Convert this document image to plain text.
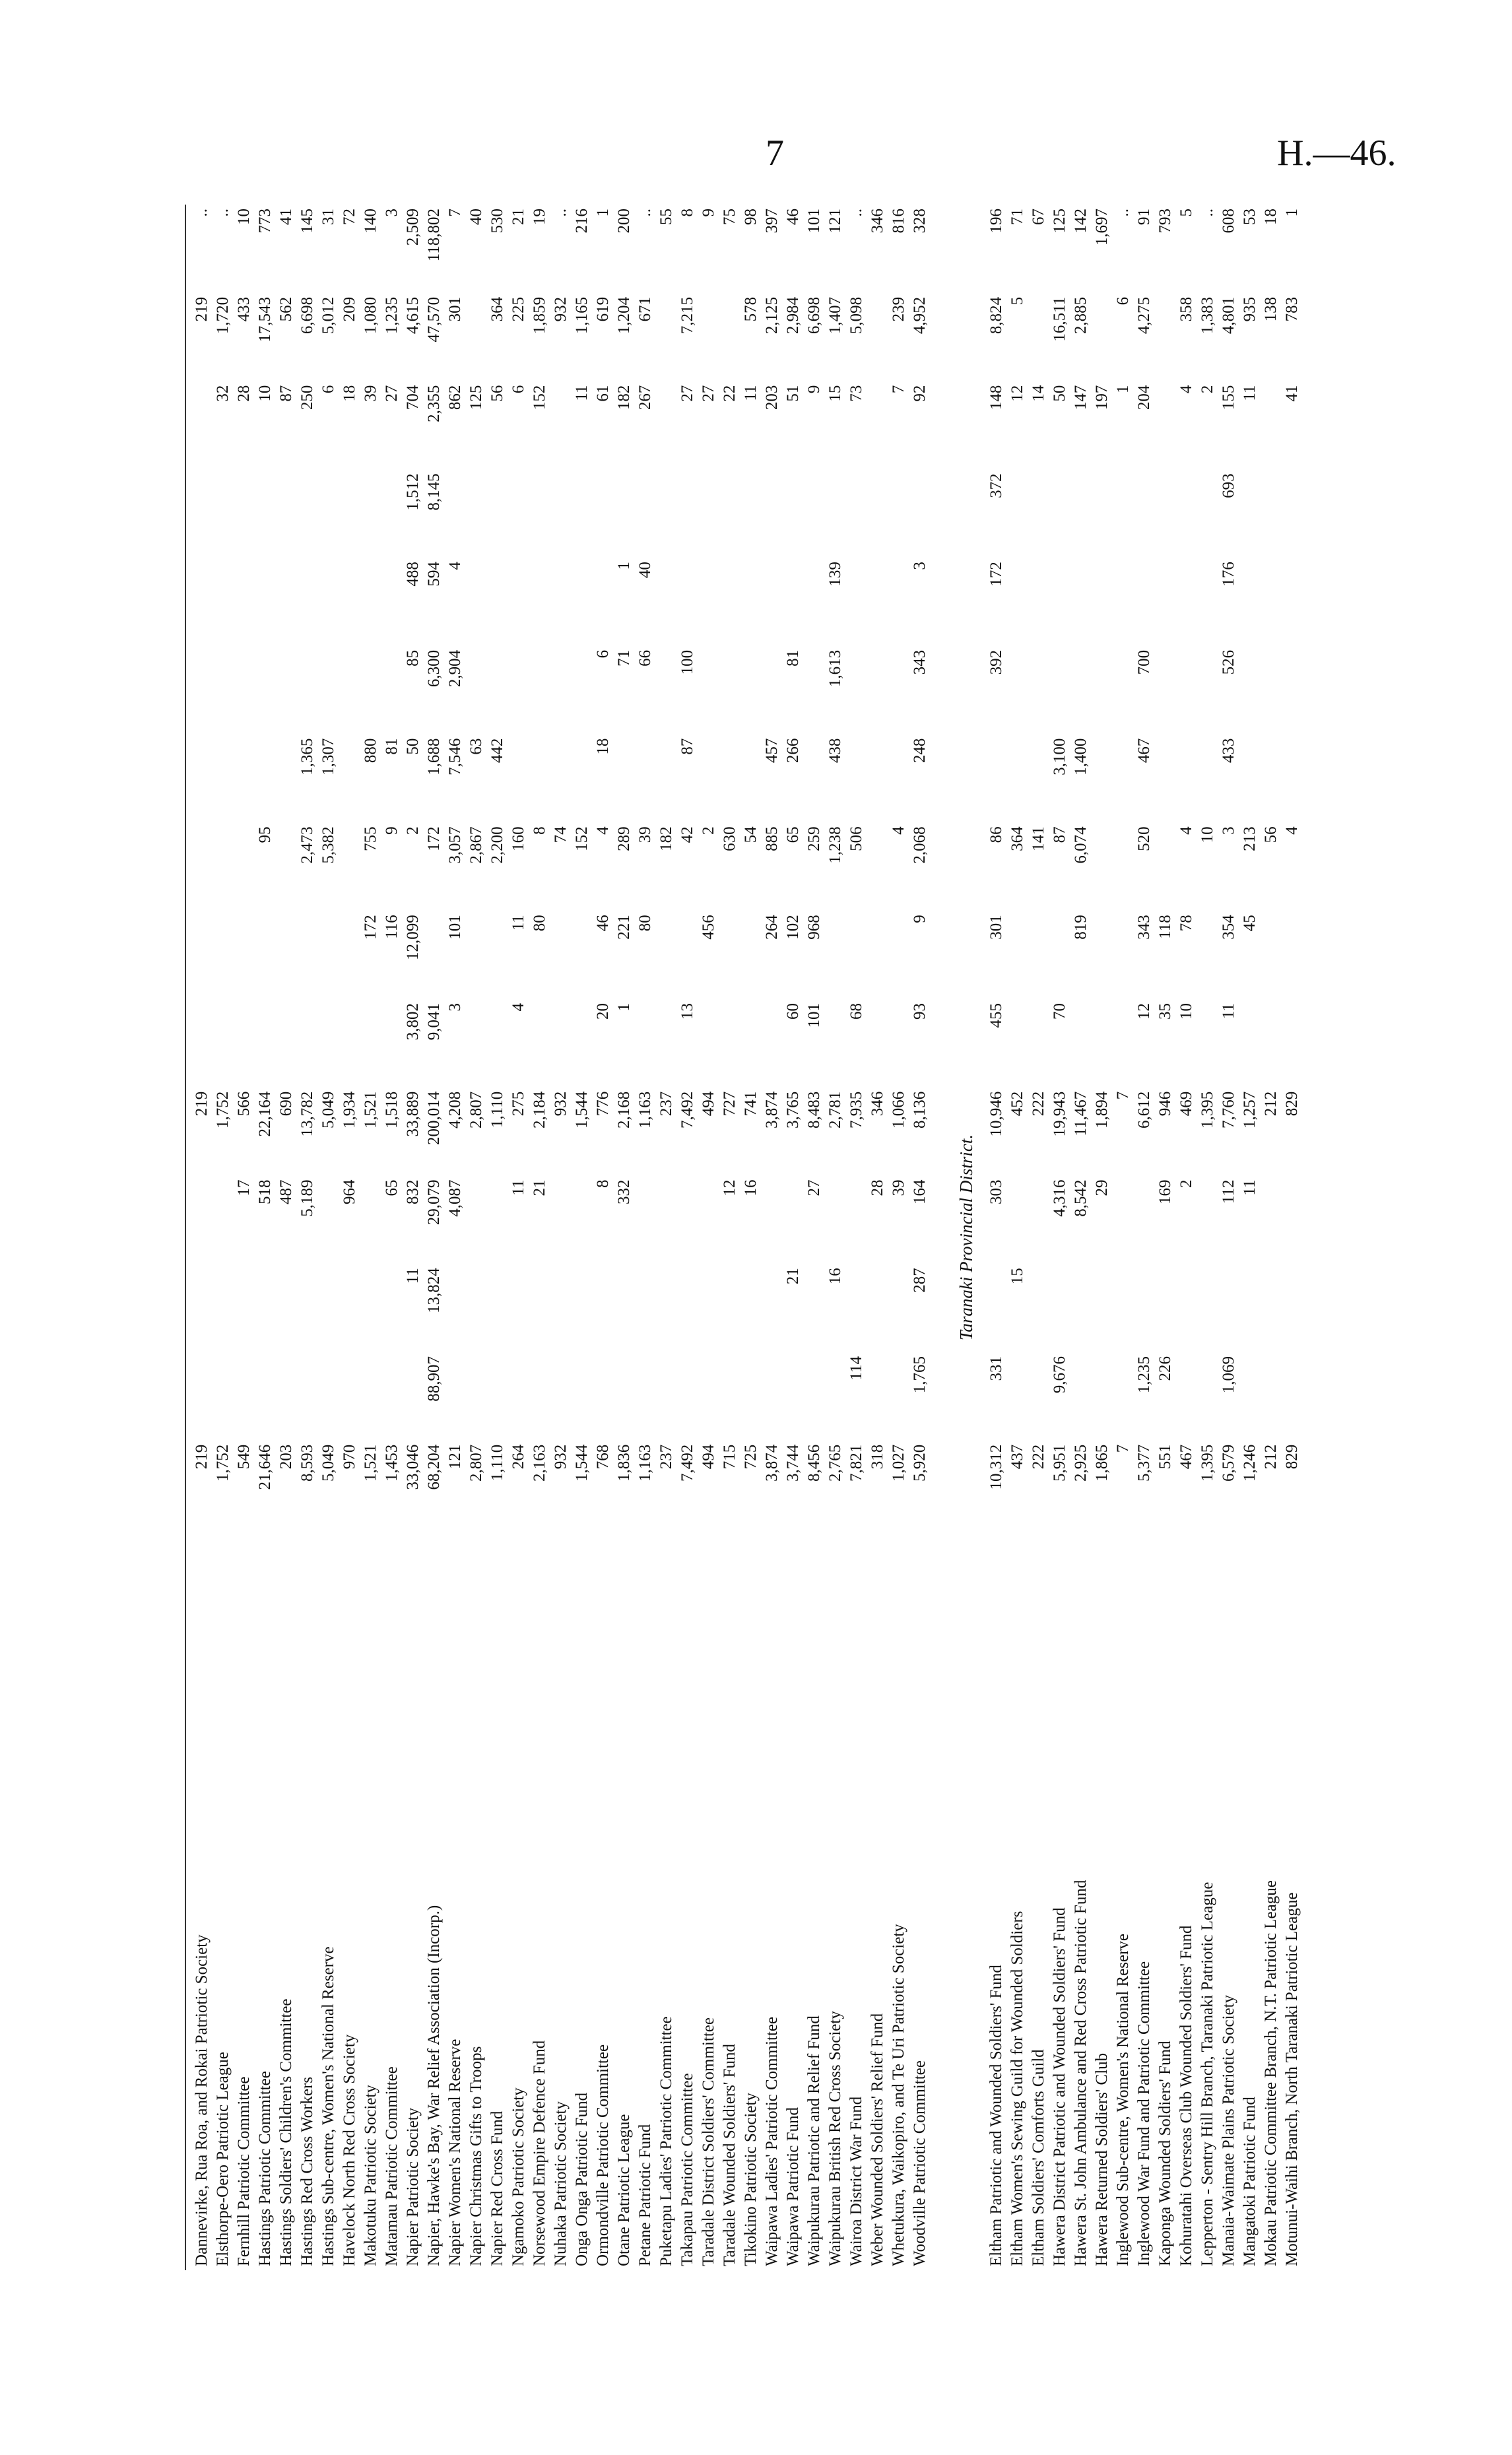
7	H.—46.

Dannevirke, Rua Roa, and Rokai Patriotic Society	219				219									219	..
Elsthorpe-Oero Patriotic League	1,752				1,752								32	1,720	..
Fernhill Patriotic Committee	549			17	566								28	433	10
Hastings Patriotic Committee	21,646			518	22,164			95					10	17,543	773
Hastings Soldiers' Children's Committee	203			487	690								87	562	41
Hastings Red Cross Workers	8,593			5,189	13,782			2,473	1,365				250	6,698	145
Hastings Sub-centre, Women's National Reserve	5,049				5,049			5,382	1,307				6	5,012	31
Havelock North Red Cross Society	970			964	1,934								18	209	72
Makotuku Patriotic Society	1,521				1,521		172	755	880				39	1,080	140
Matamau Patriotic Committee	1,453			65	1,518		116	9	81				27	1,235	3
Napier Patriotic Society	33,046		11	832	33,889	3,802	12,099	2	50	85	488	1,512	704	4,615	2,509
Napier, Hawke's Bay, War Relief Association (Incorp.)	68,204	88,907	13,824	29,079	200,014	9,041		172	1,688	6,300	594	8,145	2,355	47,570	118,802
Napier Women's National Reserve	121			4,087	4,208	3	101	3,057	7,546	2,904	4		862	301	7
Napier Christmas Gifts to Troops	2,807				2,807			2,867	63				125		40
Napier Red Cross Fund	1,110				1,110			2,200	442				56	364	530
Ngamoko Patriotic Society	264			11	275	4	11	160					6	225	21
Norsewood Empire Defence Fund	2,163			21	2,184		80	8					152	1,859	19
Nuhaka Patriotic Society	932				932			74						932	..
Onga Onga Patriotic Fund	1,544				1,544			152					11	1,165	216
Ormondville Patriotic Committee	768			8	776	20	46	4	18	6			61	619	1
Otane Patriotic League	1,836			332	2,168	1	221	289		71	1		182	1,204	200
Petane Patriotic Fund	1,163				1,163		80	39		66	40		267	671	..
Puketapu Ladies' Patriotic Committee	237				237			182							55
Takapau Patriotic Committee	7,492				7,492	13		42	87	100			27	7,215	8
Taradale District Soldiers' Committee	494				494		456	2					27		9
Taradale Wounded Soldiers' Fund	715			12	727			630					22		75
Tikokino Patriotic Society	725			16	741			54					11	578	98
Waipawa Ladies' Patriotic Committee	3,874				3,874		264	885	457				203	2,125	397
Waipawa Patriotic Fund	3,744		21		3,765	60	102	65	266	81			51	2,984	46
Waipukurau Patriotic and Relief Fund	8,456			27	8,483	101	968	259					9	6,698	101
Waipukurau British Red Cross Society	2,765		16		2,781			1,238	438	1,613	139		15	1,407	121
Wairoa District War Fund	7,821	114			7,935	68		506					73	5,098	..
Weber Wounded Soldiers' Relief Fund	318			28	346										346
Whetukura, Waikopiro, and Te Uri Patriotic Society	1,027			39	1,066			4					7	239	816
Woodville Patriotic Committee	5,920	1,765	287	164	8,136	93	9	2,068	248	343	3		92	4,952	328

Taranaki Provincial District.															
Eltham Patriotic and Wounded Soldiers' Fund	10,312	331		303	10,946	455	301	86		392	172	372	148	8,824	196
Eltham Women's Sewing Guild for Wounded Soldiers	437		15		452			364					12	5	71
Eltham Soldiers' Comforts Guild	222				222			141					14		67
Hawera District Patriotic and Wounded Soldiers' Fund	5,951	9,676		4,316	19,943	70		87	3,100				50	16,511	125
Hawera St. John Ambulance and Red Cross Patriotic Fund	2,925			8,542	11,467		819	6,074	1,400				147	2,885	142
Hawera Returned Soldiers' Club	1,865			29	1,894								197		1,697
Inglewood Sub-centre, Women's National Reserve	7				7								1	6	..
Inglewood War Fund and Patriotic Committee	5,377	1,235			6,612	12	343	520	467	700			204	4,275	91
Kaponga Wounded Soldiers' Fund	551	226		169	946	35	118								793
Kohuratahi Overseas Club Wounded Soldiers' Fund	467			2	469	10	78	4					4	358	5
Lepperton - Sentry Hill Branch, Taranaki Patriotic League	1,395				1,395			10					2	1,383	..
Manaia-Waimate Plains Patriotic Society	6,579	1,069		112	7,760	11	354	3	433	526	176	693	155	4,801	608
Mangatoki Patriotic Fund	1,246			11	1,257		45	213					11	935	53
Mokau Patriotic Committee Branch, N.T. Patriotic League	212				212			56						138	18
Motunui-Waihi Branch, North Taranaki Patriotic League	829				829			4					41	783	1
